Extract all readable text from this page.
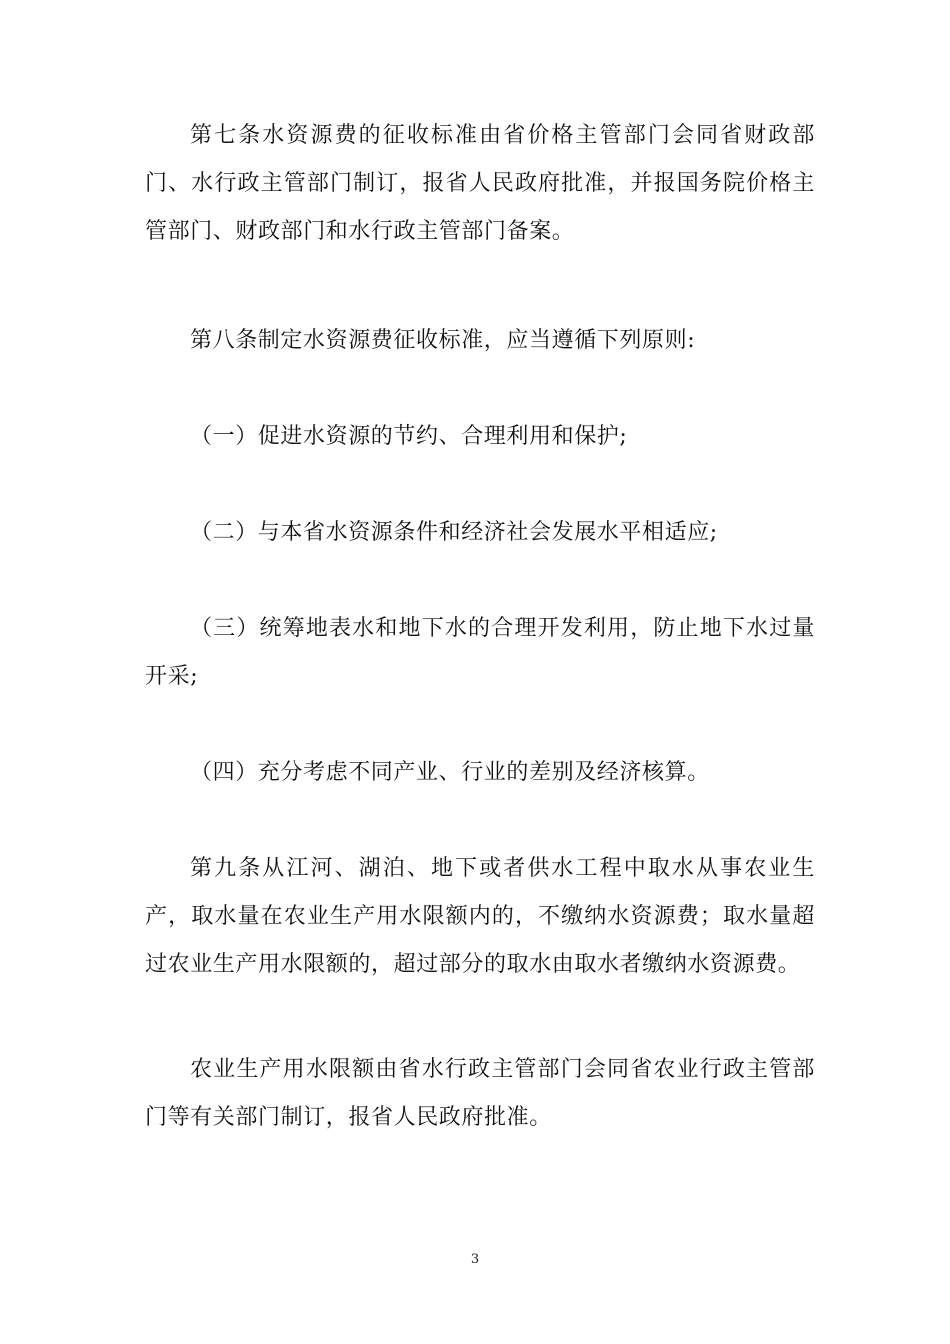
第七条水资源费的征收标准由省价格主管部门会同省财政部门、水行政主管部门制订，报省人民政府批准，并报国务院价格主管部门、财政部门和水行政主管部门备案。

第八条制定水资源费征收标准，应当遵循下列原则:

（一）促进水资源的节约、合理利用和保护;

（二）与本省水资源条件和经济社会发展水平相适应;

（三）统筹地表水和地下水的合理开发利用，防止地下水过量开采;

（四）充分考虑不同产业、行业的差别及经济核算。

第九条从江河、湖泊、地下或者供水工程中取水从事农业生产，取水量在农业生产用水限额内的，不缴纳水资源费；取水量超过农业生产用水限额的，超过部分的取水由取水者缴纳水资源费。

农业生产用水限额由省水行政主管部门会同省农业行政主管部门等有关部门制订，报省人民政府批准。

3
